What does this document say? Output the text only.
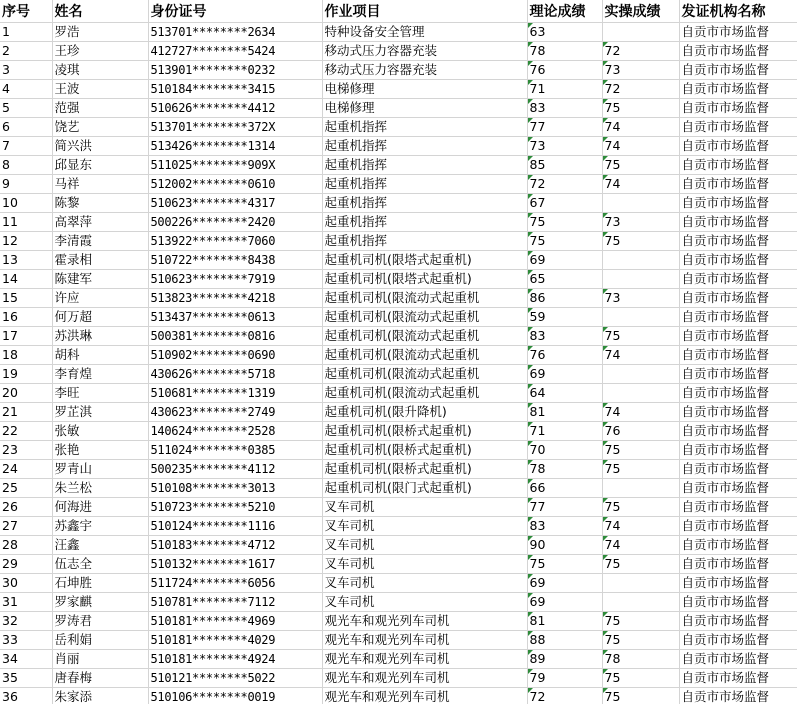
序号	姓名	身份证号	作业项目	理论成绩	实操成绩	发证机构名称
1	罗浩	513701********2634	特种设备安全管理	63		自贡市市场监督
2	王珍	412727********5424	移动式压力容器充装	78	72	自贡市市场监督
3	凌琪	513901********0232	移动式压力容器充装	76	73	自贡市市场监督
4	王波	510184********3415	电梯修理	71	72	自贡市市场监督
5	范强	510626********4412	电梯修理	83	75	自贡市市场监督
6	饶艺	513701********372X	起重机指挥	77	74	自贡市市场监督
7	简兴洪	513426********1314	起重机指挥	73	74	自贡市市场监督
8	邱显东	511025********909X	起重机指挥	85	75	自贡市市场监督
9	马祥	512002********0610	起重机指挥	72	74	自贡市市场监督
10	陈黎	510623********4317	起重机指挥	67		自贡市市场监督
11	高翠萍	500226********2420	起重机指挥	75	73	自贡市市场监督
12	李清霞	513922********7060	起重机指挥	75	75	自贡市市场监督
13	霍录相	510722********8438	起重机司机(限塔式起重机)	69		自贡市市场监督
14	陈建军	510623********7919	起重机司机(限塔式起重机)	65		自贡市市场监督
15	许应	513823********4218	起重机司机(限流动式起重机	86	73	自贡市市场监督
16	何万超	513437********0613	起重机司机(限流动式起重机	59		自贡市市场监督
17	苏洪琳	500381********0816	起重机司机(限流动式起重机	83	75	自贡市市场监督
18	胡科	510902********0690	起重机司机(限流动式起重机	76	74	自贡市市场监督
19	李育煌	430626********5718	起重机司机(限流动式起重机	69		自贡市市场监督
20	李旺	510681********1319	起重机司机(限流动式起重机	64		自贡市市场监督
21	罗芷淇	430623********2749	起重机司机(限升降机)	81	74	自贡市市场监督
22	张敏	140624********2528	起重机司机(限桥式起重机)	71	76	自贡市市场监督
23	张艳	511024********0385	起重机司机(限桥式起重机)	70	75	自贡市市场监督
24	罗青山	500235********4112	起重机司机(限桥式起重机)	78	75	自贡市市场监督
25	朱兰松	510108********3013	起重机司机(限门式起重机)	66		自贡市市场监督
26	何海进	510723********5210	叉车司机	77	75	自贡市市场监督
27	苏鑫宇	510124********1116	叉车司机	83	74	自贡市市场监督
28	汪鑫	510183********4712	叉车司机	90	74	自贡市市场监督
29	伍志全	510132********1617	叉车司机	75	75	自贡市市场监督
30	石坤胜	511724********6056	叉车司机	69		自贡市市场监督
31	罗家麒	510781********7112	叉车司机	69		自贡市市场监督
32	罗涛君	510181********4969	观光车和观光列车司机	81	75	自贡市市场监督
33	岳利娟	510181********4029	观光车和观光列车司机	88	75	自贡市市场监督
34	肖丽	510181********4924	观光车和观光列车司机	89	78	自贡市市场监督
35	唐春梅	510121********5022	观光车和观光列车司机	79	75	自贡市市场监督
36	朱家添	510106********0019	观光车和观光列车司机	72	75	自贡市市场监督
